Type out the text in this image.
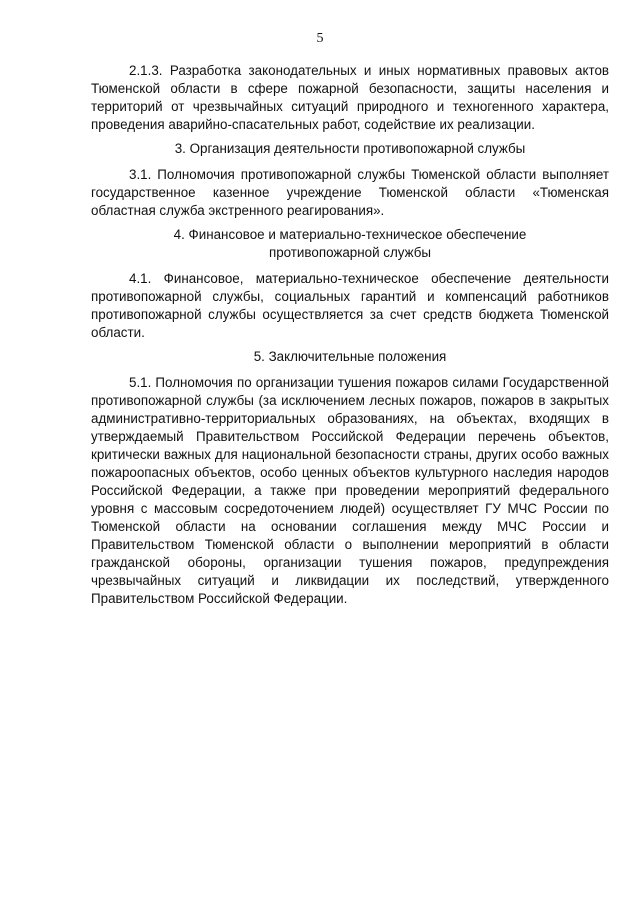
5

2.1.3. Разработка законодательных и иных нормативных правовых актов Тюменской области в сфере пожарной безопасности, защиты населения и территорий от чрезвычайных ситуаций природного и техногенного характера, проведения аварийно-спасательных работ, содействие их реализации.

3. Организация деятельности противопожарной службы

3.1. Полномочия противопожарной службы Тюменской области выполняет государственное казенное учреждение Тюменской области «Тюменская областная служба экстренного реагирования».

4. Финансовое и материально-техническое обеспечение

противопожарной службы

4.1. Финансовое, материально-техническое обеспечение деятельности противопожарной службы, социальных гарантий и компенсаций работников противопожарной службы осуществляется за счет средств бюджета Тюменской области.

5. Заключительные положения

5.1. Полномочия по организации тушения пожаров силами Государственной противопожарной службы (за исключением лесных пожаров, пожаров в закрытых административно-территориальных образованиях, на объектах, входящих в утверждаемый Правительством Российской Федерации перечень объектов, критически важных для национальной безопасности страны, других особо важных пожароопасных объектов, особо ценных объектов культурного наследия народов Российской Федерации, а также при проведении мероприятий федерального уровня с массовым сосредоточением людей) осуществляет ГУ МЧС России по Тюменской области на основании соглашения между МЧС России и Правительством Тюменской области о выполнении мероприятий в области гражданской обороны, организации тушения пожаров, предупреждения чрезвычайных ситуаций и ликвидации их последствий, утвержденного Правительством Российской Федерации.
